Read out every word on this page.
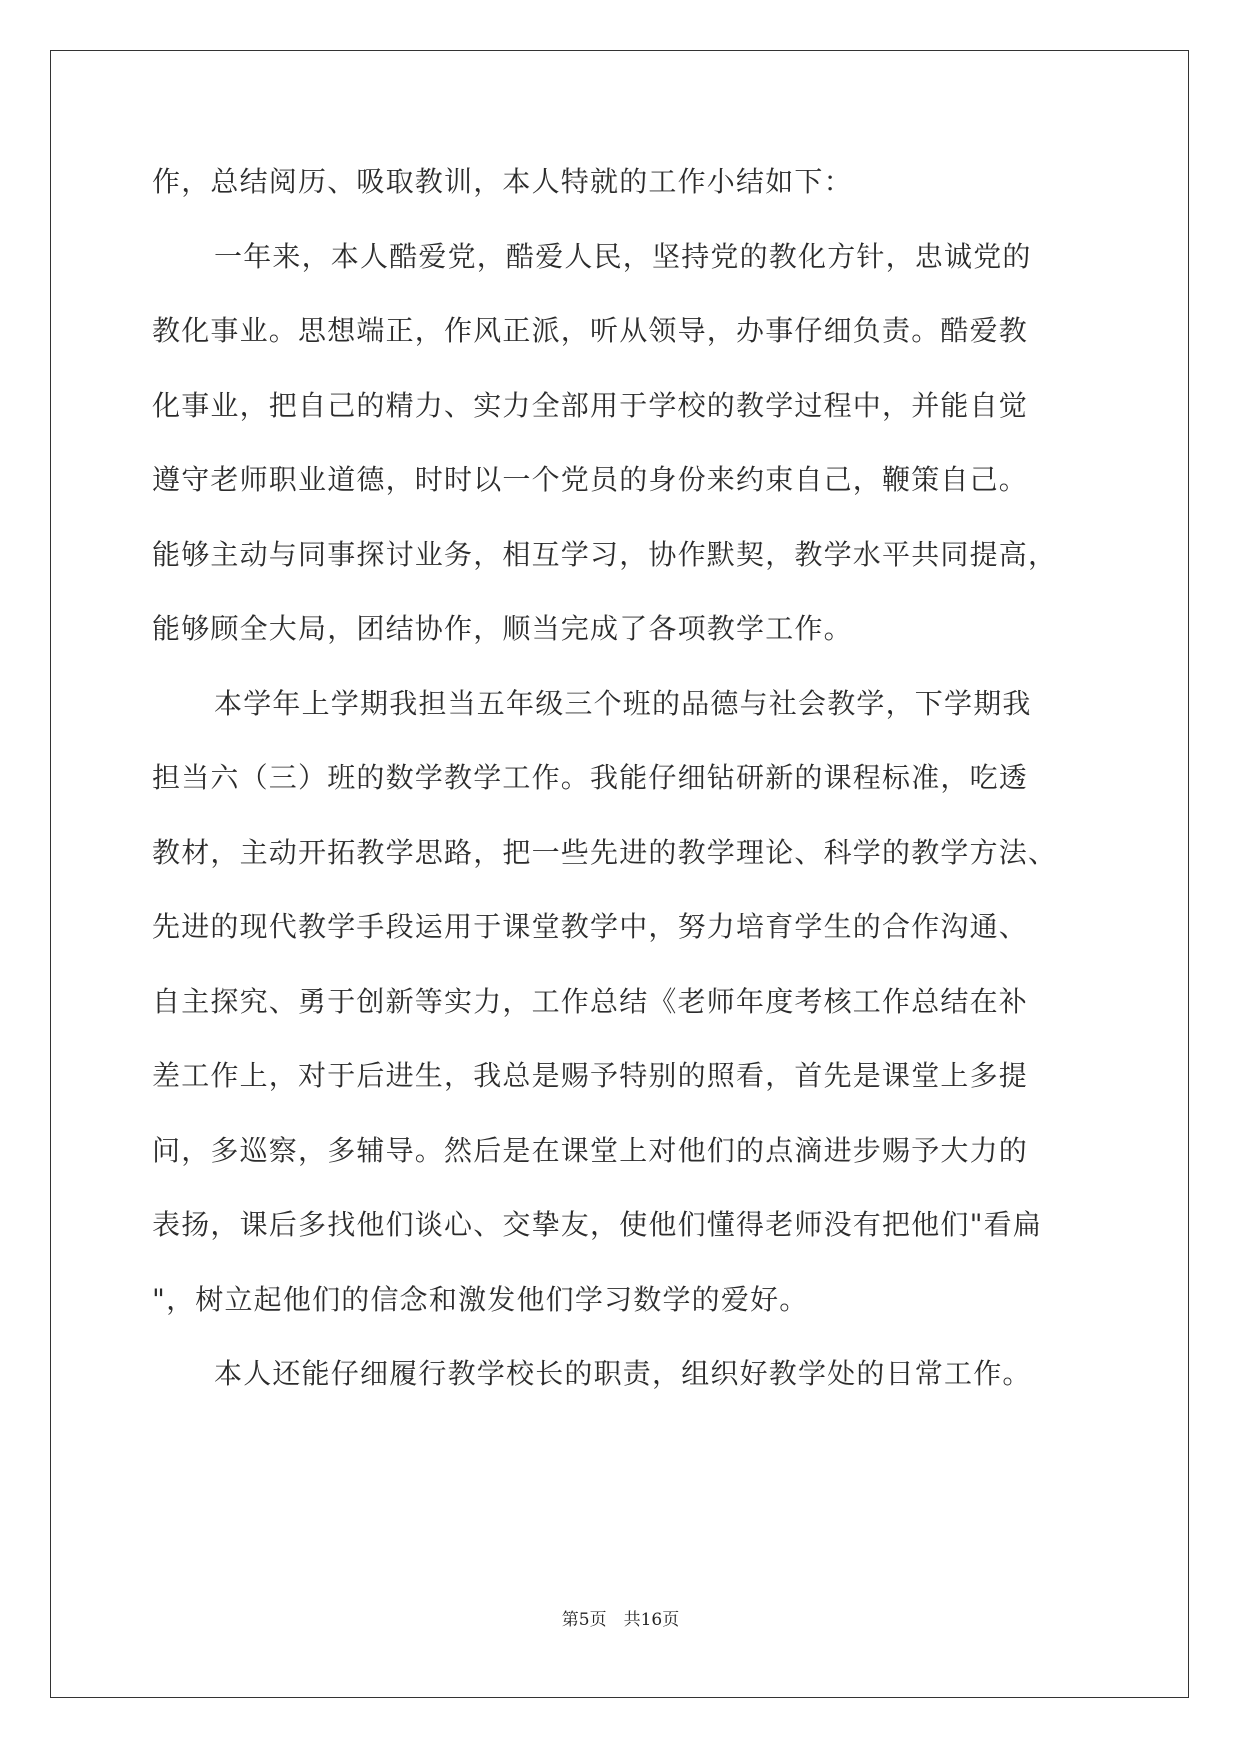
作，总结阅历、吸取教训，本人特就的工作小结如下：
一年来，本人酷爱党，酷爱人民，坚持党的教化方针，忠诚党的
教化事业。思想端正，作风正派，听从领导，办事仔细负责。酷爱教
化事业，把自己的精力、实力全部用于学校的教学过程中，并能自觉
遵守老师职业道德，时时以一个党员的身份来约束自己，鞭策自己。
能够主动与同事探讨业务，相互学习，协作默契，教学水平共同提高，
能够顾全大局，团结协作，顺当完成了各项教学工作。
本学年上学期我担当五年级三个班的品德与社会教学，下学期我
担当六（三）班的数学教学工作。我能仔细钻研新的课程标准，吃透
教材，主动开拓教学思路，把一些先进的教学理论、科学的教学方法、
先进的现代教学手段运用于课堂教学中，努力培育学生的合作沟通、
自主探究、勇于创新等实力，工作总结《老师年度考核工作总结在补
差工作上，对于后进生，我总是赐予特别的照看，首先是课堂上多提
问，多巡察，多辅导。然后是在课堂上对他们的点滴进步赐予大力的
表扬，课后多找他们谈心、交挚友，使他们懂得老师没有把他们"看扁
"，树立起他们的信念和激发他们学习数学的爱好。
本人还能仔细履行教学校长的职责，组织好教学处的日常工作。
第5页　共16页
